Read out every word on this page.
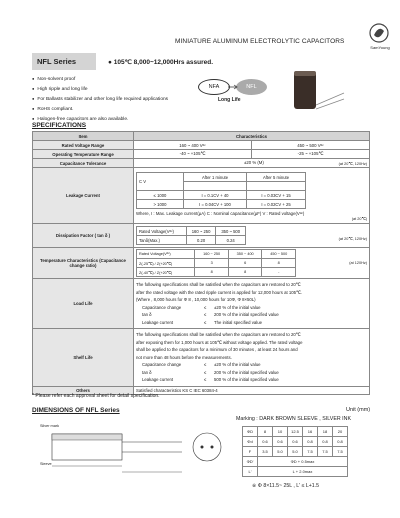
MINIATURE ALUMINUM ELECTROLYTIC CAPACITORS
SamYoung
NFL Series	● 105℃ 8,000~12,000Hrs assured.
● Non-solvent proof
● High ripple and long life
● For Ballasts stabilizer and other long life required applications
● RoHS compliant.
● Halogen-free capacitors are also available.
NFL
NFA
Long Life
SPECIFICATIONS
Item	Characteristics
Rated Voltage Range	160 ~ 400 Vᵈᶜ	450 ~ 500 Vᵈᶜ
Operating Temperature Range	-40 ~ +105℃	-25 ~ +105℃
Capacitance Tolerance	±20 % (M)	(at 20℃, 120Hz)

Leakage Current	
C V	After 1 minute	After 5 minute

≤ 1000	I = 0.1CV + 40	I = 0.03CV + 15
> 1000	I = 0.04CV + 100	I = 0.02CV + 25
Where, I : Max. Leakage current(μA) C : Nominal capacitance(μF) V : Rated voltage(Vᵈᶜ)
(at 20℃)

Dissipation Factor ( tan δ )	Rated Voltage(Vᵈᶜ)	160 ~ 250	350 ~ 500
Tanδ(Max.)	0.20	0.24	(at 20℃, 120Hz)

Temperature Characteristics (Capacitance change ratio)	Rated Voltage(Vᵈᶜ)	160 ~ 250	350 ~ 400	450 ~ 500
Z(-25℃) / Z(+20℃)	3	6	8
Z(-40℃) / Z(+20℃)	8	8	-
(at 120Hz)

Load Life	
The following specifications shall be satisfied when the capacitors are restored to 20℃
after the rated voltage with the rated ripple current is applied for 12,000 hours at 105℃.
(Where , 8,000 hours for Φ 8 , 10,000 hours for 10Φ, Φ 8×50L)
Capacitance change	≤ ±20 % of the initial value
tan δ	≤ 200 % of the initial specified value
Leakage current	≤ The initial specified value

Shelf Life	
The following specifications shall be satisfied when the capacitors are restored to 20℃
after exposing them for 1,000 hours at 105℃ without voltage applied. The rated voltage
shall be applied to the capacitors for a minimum of 30 minutes , at least 24 hours and
not more than 48 hours before the measurements.
Capacitance change	≤ ±20 % of the initial value
tan δ	≤ 200 % of the initial specified value
Leakage current	≤ 500 % of the initial specified value

Others	Satisfied characteristics KS C IEC 60384-4
* Please refer each approval sheet for detail specification.
DIMENSIONS OF NFL Series	Unit (mm)
Marking : DARK BROWN SLEEVE , SILVER INK
Silver mark
Sleeve
ΦD	8	10	12.5	16	18	20
Φd	0.6	0.6	0.6	0.8	0.8	0.8
F	3.5	5.0	5.0	7.5	7.5	7.5
ΦD'	ΦD + 0.5max					
L'	L + 2.0max					
※ Φ 8×11.5~ 25L , L' ≤ L+1.5
